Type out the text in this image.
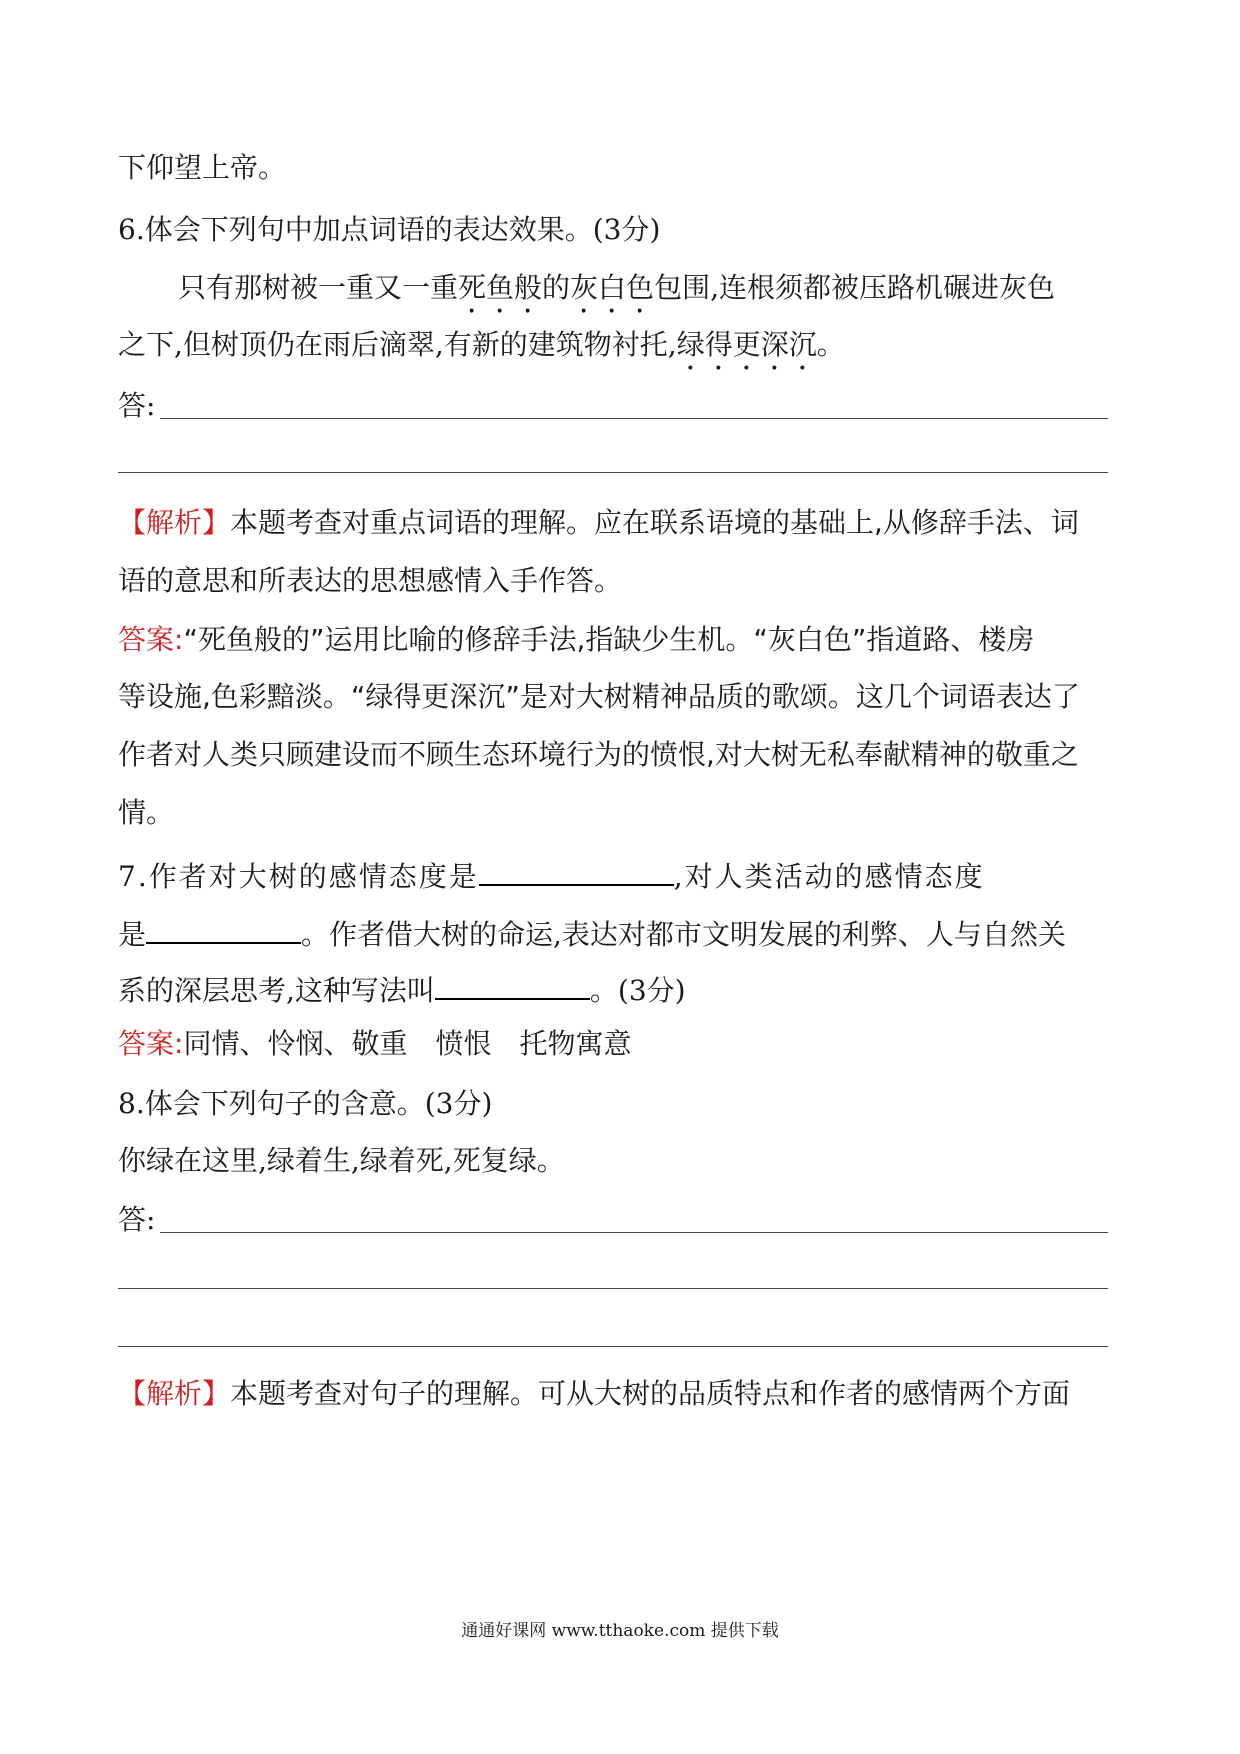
下仰望上帝。
6.体会下列句中加点词语的表达效果。(3分)
只有那树被一重又一重死鱼般的灰白色包围,连根须都被压路机碾进灰色
之下,但树顶仍在雨后滴翠,有新的建筑物衬托,绿得更深沉。
答:
【解析】本题考查对重点词语的理解。应在联系语境的基础上,从修辞手法、词
语的意思和所表达的思想感情入手作答。
答案:“死鱼般的”运用比喻的修辞手法,指缺少生机。“灰白色”指道路、楼房
等设施,色彩黯淡。“绿得更深沉”是对大树精神品质的歌颂。这几个词语表达了
作者对人类只顾建设而不顾生态环境行为的愤恨,对大树无私奉献精神的敬重之
情。
7.作者对大树的感情态度是	,对人类活动的感情态度
是	。作者借大树的命运,表达对都市文明发展的利弊、人与自然关
系的深层思考,这种写法叫	。(3分)
答案:同情、怜悯、敬重　愤恨　托物寓意
8.体会下列句子的含意。(3分)
你绿在这里,绿着生,绿着死,死复绿。
答:
【解析】本题考查对句子的理解。可从大树的品质特点和作者的感情两个方面
通通好课网 www.tthaoke.com 提供下载
